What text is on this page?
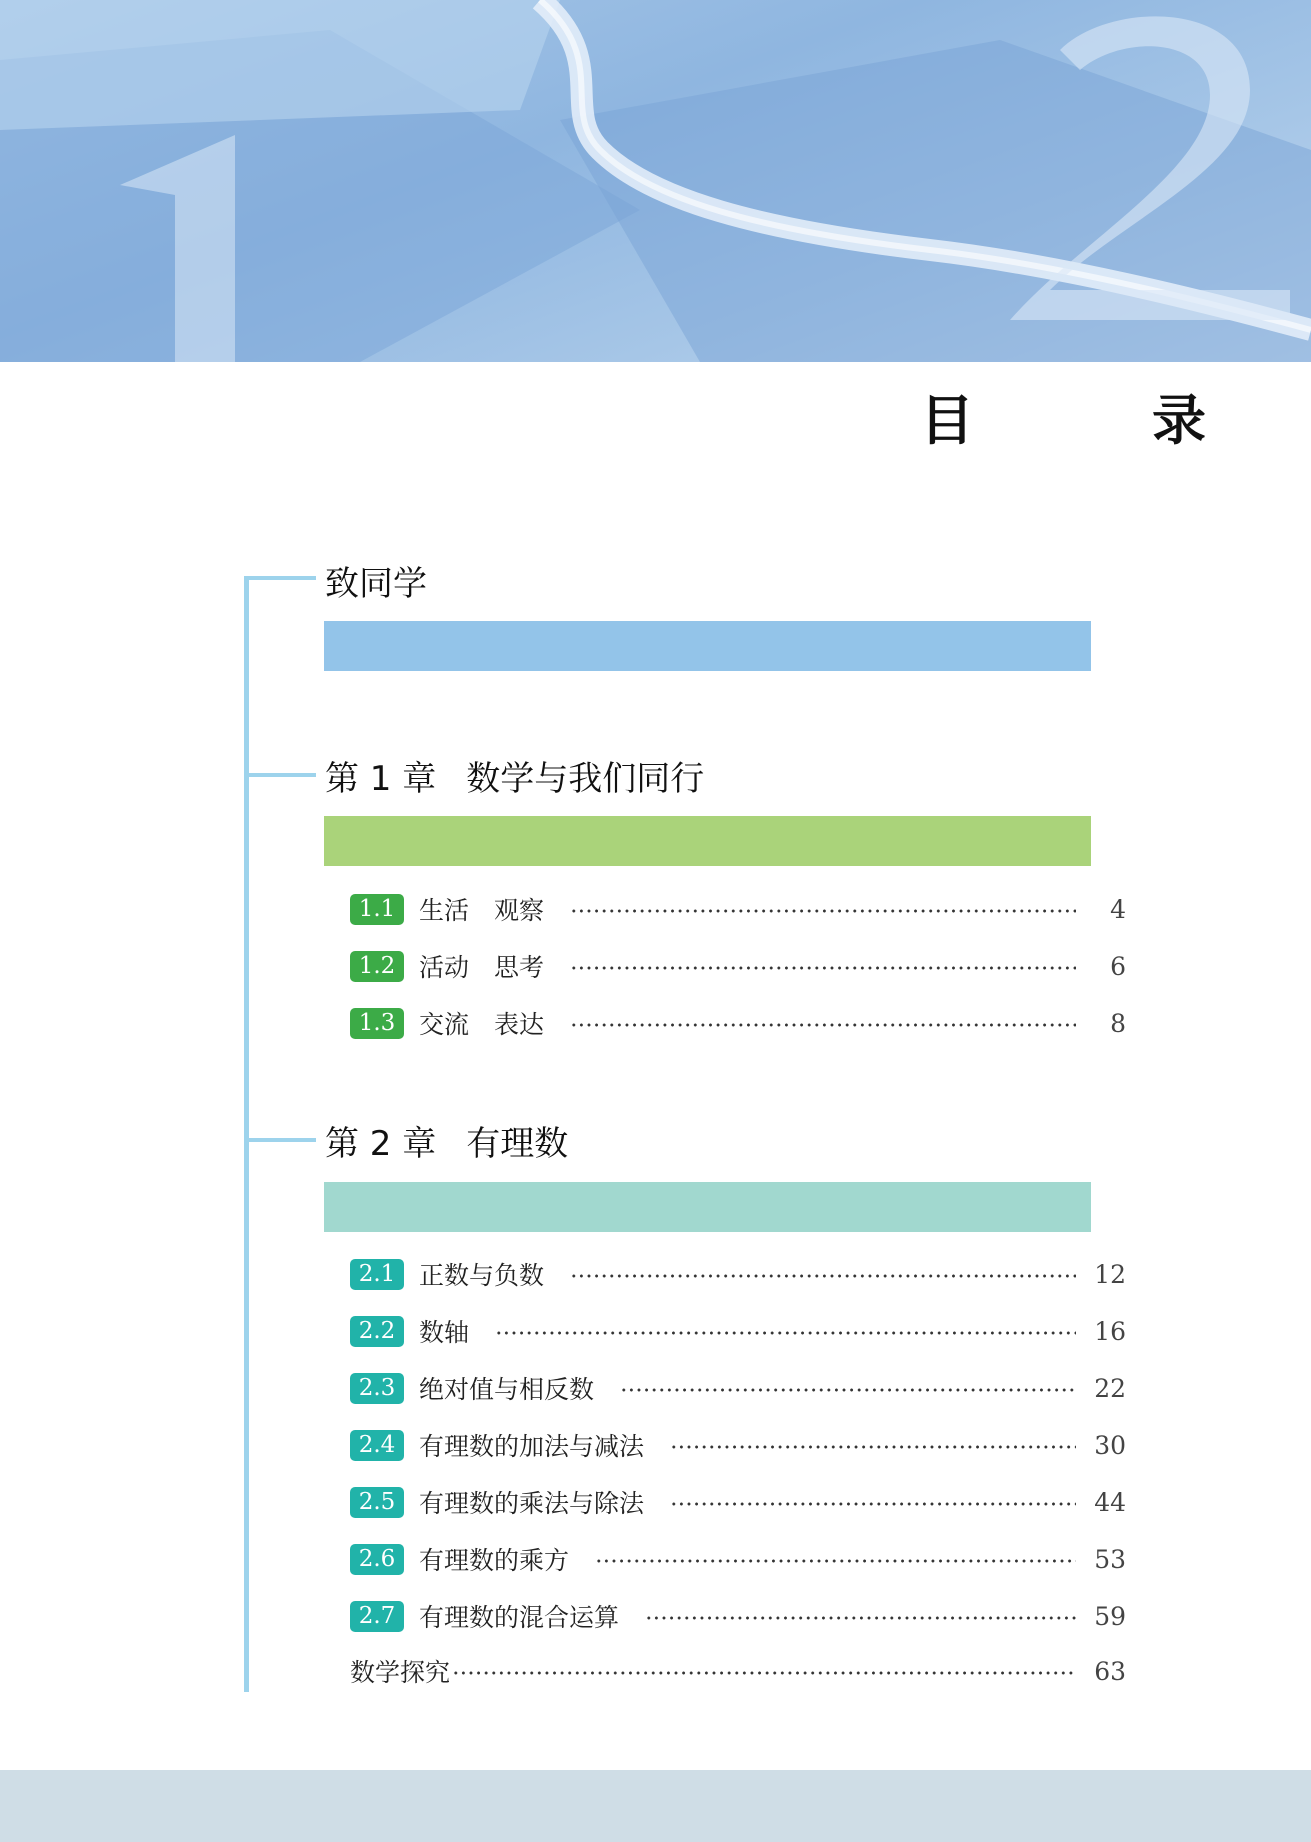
目　录
致同学
第 1 章 数学与我们同行
1.1 生活　观察	4
1.2 活动　思考	6
1.3 交流　表达	8
第 2 章 有理数
2.1 正数与负数	12
2.2 数轴	16
2.3 绝对值与相反数	22
2.4 有理数的加法与减法	30
2.5 有理数的乘法与除法	44
2.6 有理数的乘方	53
2.7 有理数的混合运算	59
数学探究	63
